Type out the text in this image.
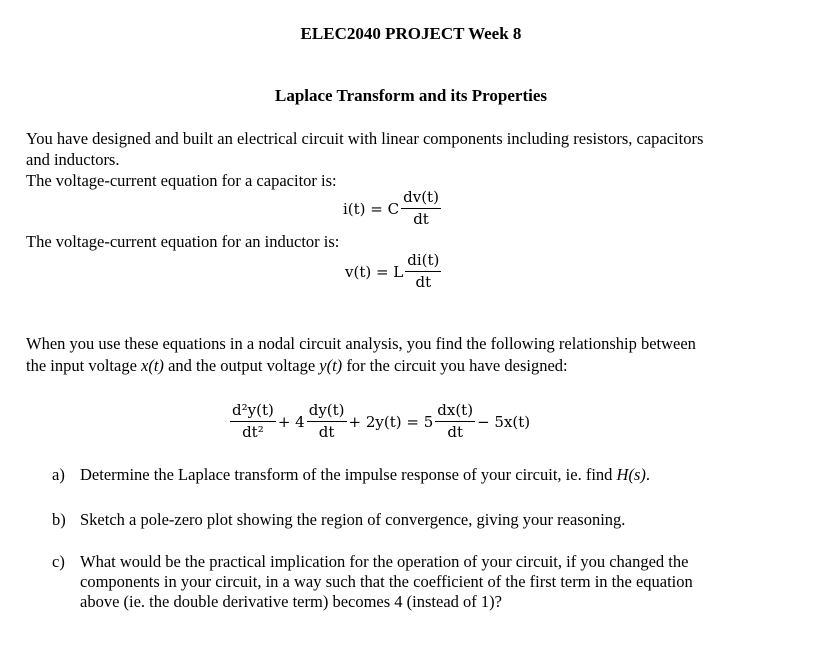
ELEC2040 PROJECT Week 8
Laplace Transform and its Properties
You have designed and built an electrical circuit with linear components including resistors, capacitors
and inductors.
The voltage-current equation for a capacitor is:
i(t) = C $\frac{dv(t)}{dt}$
The voltage-current equation for an inductor is:
v(t) = L $\frac{di(t)}{dt}$
When you use these equations in a nodal circuit analysis, you find the following relationship between
the input voltage x(t) and the output voltage y(t) for the circuit you have designed:
$\frac{\text{d²y(t)}}{\text{dt²}} + 4 \frac{dy(t)}{dt} + 2y(t) = 5 \frac{dx(t)}{dt} - 5x(t)$
a) Determine the Laplace transform of the impulse response of your circuit, ie. find H(s).
b) Sketch a pole-zero plot showing the region of convergence, giving your reasoning.
c) What would be the practical implication for the operation of your circuit, if you changed the
components in your circuit, in a way such that the coefficient of the first term in the equation
above (ie. the double derivative term) becomes 4 (instead of 1)?
